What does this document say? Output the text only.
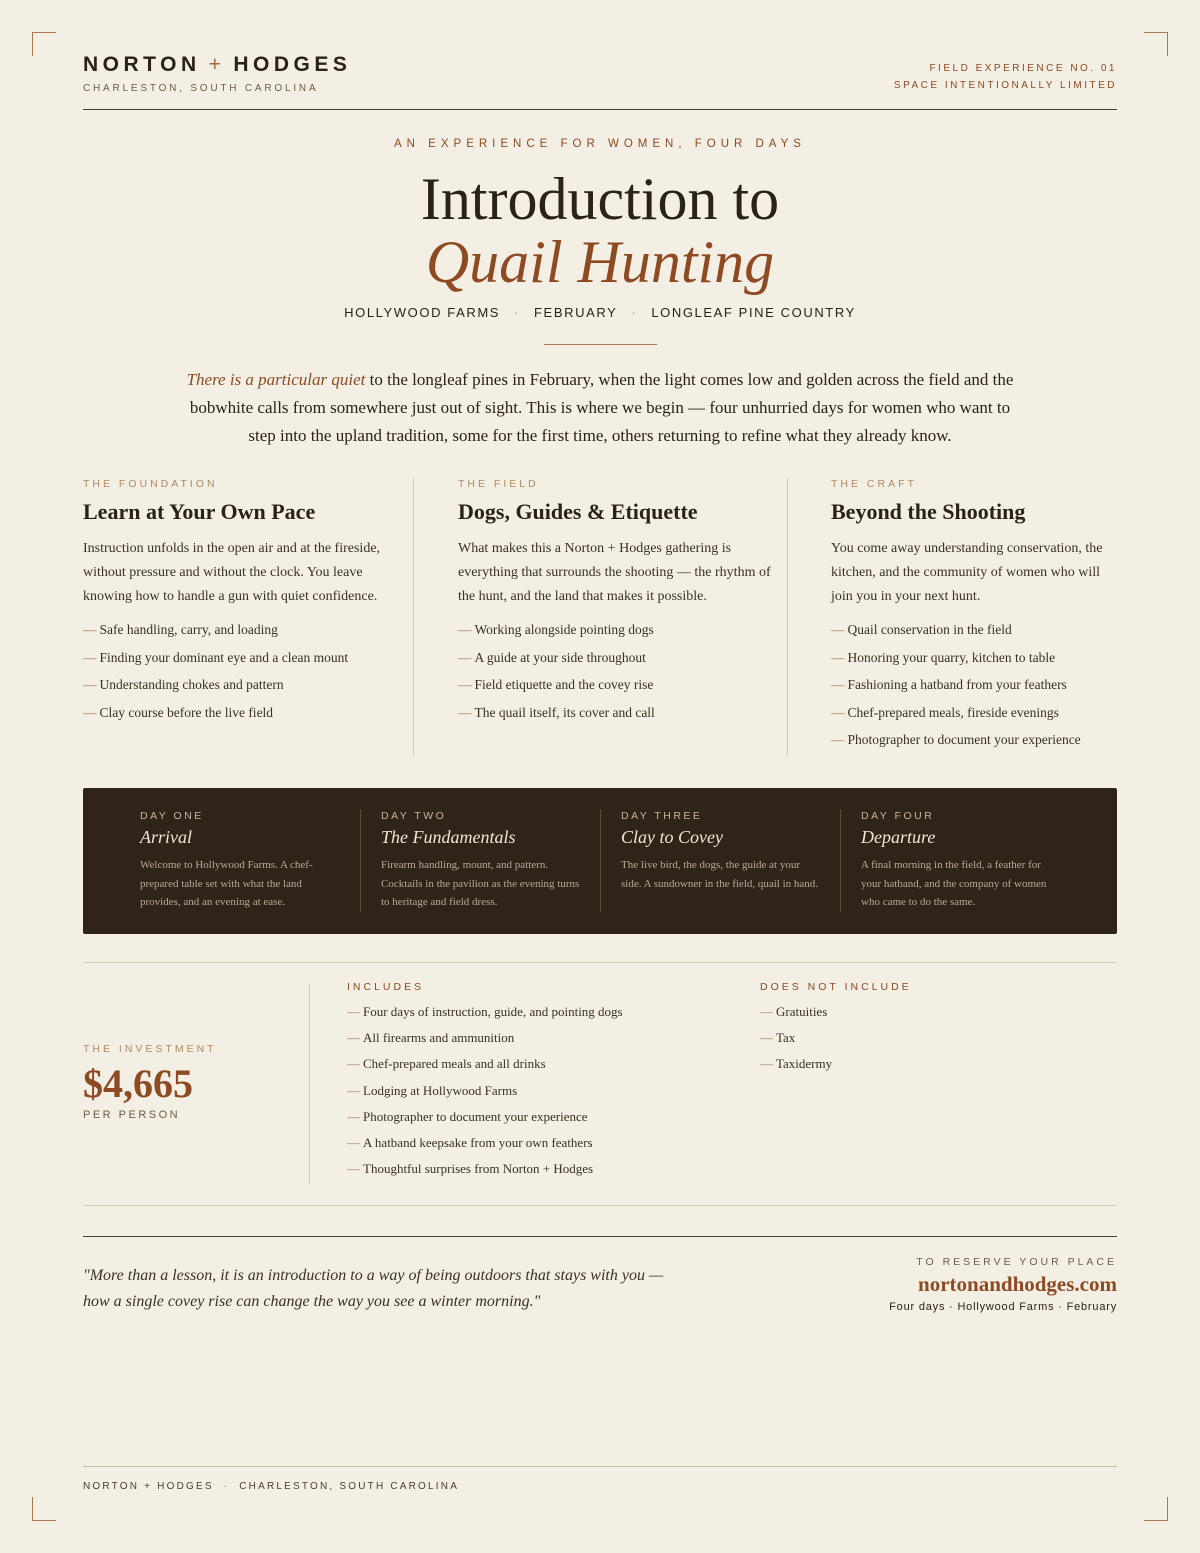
NORTON + HODGES
CHARLESTON, SOUTH CAROLINA
FIELD EXPERIENCE NO. 01
SPACE INTENTIONALLY LIMITED
AN EXPERIENCE FOR WOMEN, FOUR DAYS
Introduction to
Quail Hunting
HOLLYWOOD FARMS · FEBRUARY · LONGLEAF PINE COUNTRY
There is a particular quiet to the longleaf pines in February, when the light comes low and golden across the field and the bobwhite calls from somewhere just out of sight. This is where we begin — four unhurried days for women who want to step into the upland tradition, some for the first time, others returning to refine what they already know.
THE FOUNDATION
Learn at Your Own Pace

Instruction unfolds in the open air and at the fireside, without pressure and without the clock. You leave knowing how to handle a gun with quiet confidence.

— Safe handling, carry, and loading
— Finding your dominant eye and a clean mount
— Understanding chokes and pattern
— Clay course before the live field
THE FIELD
Dogs, Guides & Etiquette

What makes this a Norton + Hodges gathering is everything that surrounds the shooting — the rhythm of the hunt, and the land that makes it possible.

— Working alongside pointing dogs
— A guide at your side throughout
— Field etiquette and the covey rise
— The quail itself, its cover and call
THE CRAFT
Beyond the Shooting

You come away understanding conservation, the kitchen, and the community of women who will join you in your next hunt.

— Quail conservation in the field
— Honoring your quarry, kitchen to table
— Fashioning a hatband from your feathers
— Chef-prepared meals, fireside evenings
— Photographer to document your experience
DAY ONE
Arrival
Welcome to Hollywood Farms. A chef-prepared table set with what the land provides, and an evening at ease.
DAY TWO
The Fundamentals
Firearm handling, mount, and pattern. Cocktails in the pavilion as the evening turns to heritage and field dress.
DAY THREE
Clay to Covey
The live bird, the dogs, the guide at your side. A sundowner in the field, quail in hand.
DAY FOUR
Departure
A final morning in the field, a feather for your hatband, and the company of women who came to do the same.
THE INVESTMENT
$4,665
PER PERSON
INCLUDES
— Four days of instruction, guide, and pointing dogs
— All firearms and ammunition
— Chef-prepared meals and all drinks
— Lodging at Hollywood Farms
— Photographer to document your experience
— A hatband keepsake from your own feathers
— Thoughtful surprises from Norton + Hodges
DOES NOT INCLUDE
— Gratuities
— Tax
— Taxidermy
"More than a lesson, it is an introduction to a way of being outdoors that stays with you — how a single covey rise can change the way you see a winter morning."
TO RESERVE YOUR PLACE
nortonandhodges.com
Four days · Hollywood Farms · February
NORTON + HODGES · CHARLESTON, SOUTH CAROLINA
